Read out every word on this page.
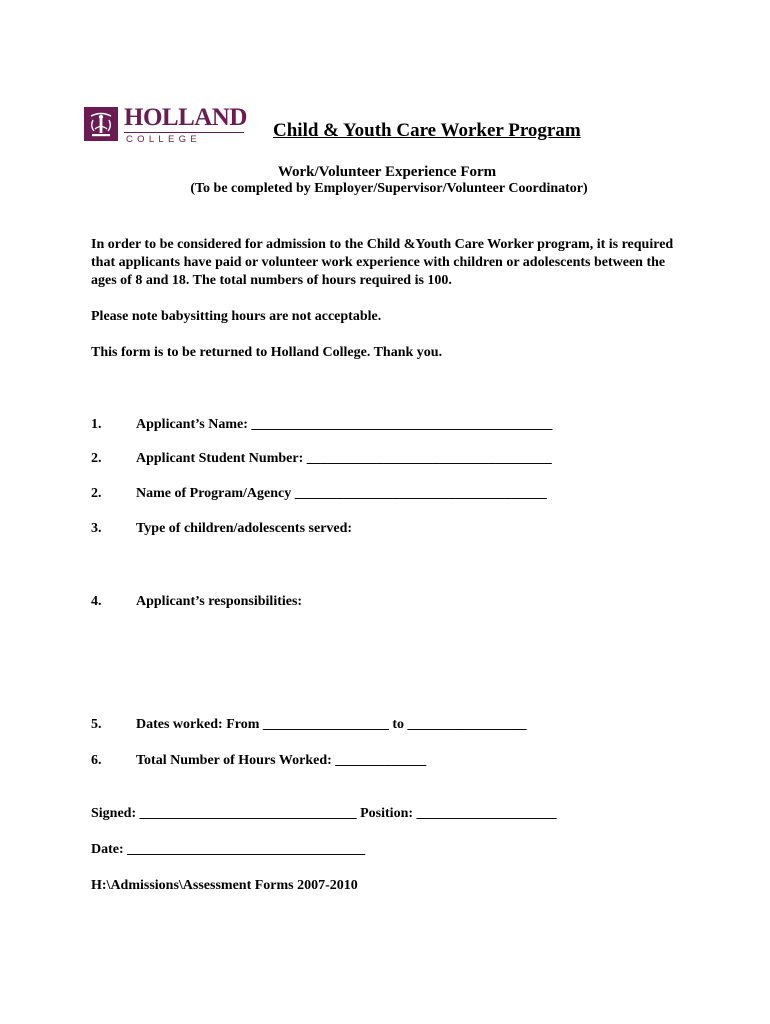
HOLLAND
COLLEGE	Child & Youth Care Worker Program
Work/Volunteer Experience Form
(To be completed by Employer/Supervisor/Volunteer Coordinator)
In order to be considered for admission to the Child &Youth Care Worker program, it is required that applicants have paid or volunteer work experience with children or adolescents between the ages of 8 and 18. The total numbers of hours required is 100.
Please note babysitting hours are not acceptable.
This form is to be returned to Holland College. Thank you.
1. Applicant’s Name: ___________________________________________
2. Applicant Student Number: ___________________________________
2. Name of Program/Agency ____________________________________
3. Type of children/adolescents served:
4. Applicant’s responsibilities:
5. Dates worked: From __________________ to _________________
6. Total Number of Hours Worked: _____________
Signed: _______________________________ Position: ____________________
Date: __________________________________
H:\Admissions\Assessment Forms 2007-2010
